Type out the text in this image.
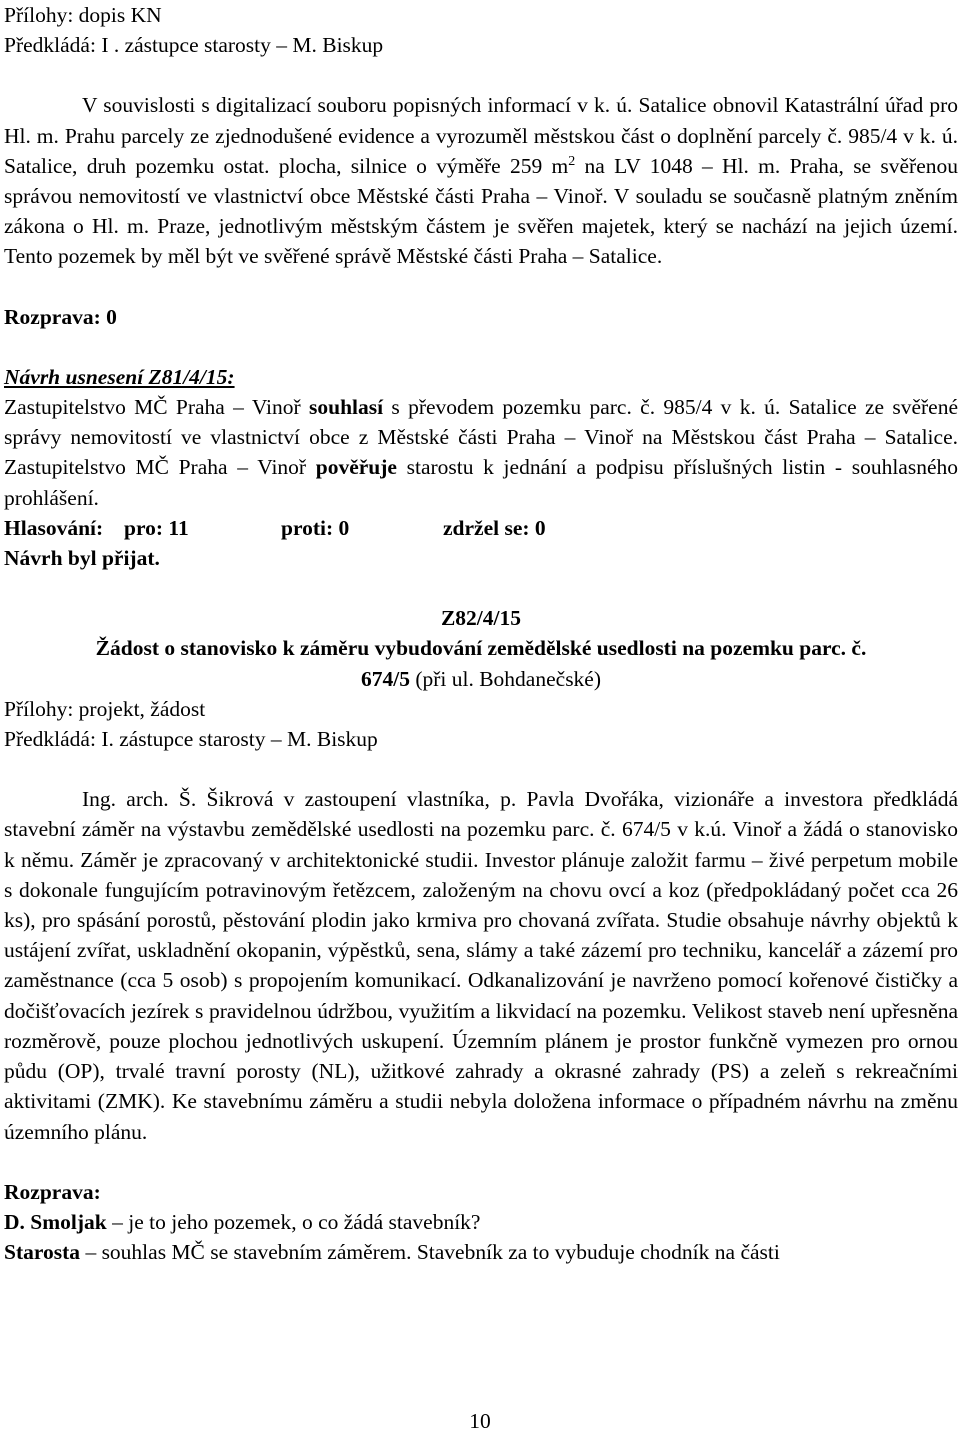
Přílohy: dopis KN

Předkládá: I . zástupce starosty – M. Biskup

V souvislosti s digitalizací souboru popisných informací v k. ú. Satalice obnovil Katastrální úřad pro Hl. m. Prahu parcely ze zjednodušené evidence a vyrozuměl městskou část o doplnění parcely č. 985/4 v k. ú. Satalice, druh pozemku ostat. plocha, silnice o výměře 259 $m^2$ na LV 1048 – Hl. m. Praha, se svěřenou správou nemovitostí ve vlastnictví obce Městské části Praha – Vinoř. V souladu se současně platným zněním zákona o Hl. m. Praze, jednotlivým městským částem je svěřen majetek, který se nachází na jejich území. Tento pozemek by měl být ve svěřené správě Městské části Praha – Satalice.

Rozprava: 0

Návrh usnesení Z81/4/15:

Zastupitelstvo MČ Praha – Vinoř souhlasí s převodem pozemku parc. č. 985/4 v k. ú. Satalice ze svěřené správy nemovitostí ve vlastnictví obce z Městské části Praha – Vinoř na Městskou část Praha – Satalice. Zastupitelstvo MČ Praha – Vinoř pověřuje starostu k jednání a podpisu příslušných listin - souhlasného prohlášení.

Hlasování: pro: 11	proti: 0	zdržel se: 0

Návrh byl přijat.

Z82/4/15

Žádost o stanovisko k záměru vybudování zemědělské usedlosti na pozemku parc. č.

674/5 (při ul. Bohdanečské)

Přílohy: projekt, žádost

Předkládá: I. zástupce starosty – M. Biskup

Ing. arch. Š. Šikrová v zastoupení vlastníka, p. Pavla Dvořáka, vizionáře a investora předkládá stavební záměr na výstavbu zemědělské usedlosti na pozemku parc. č. 674/5 v k.ú. Vinoř a žádá o stanovisko k němu. Záměr je zpracovaný v architektonické studii. Investor plánuje založit farmu – živé perpetum mobile s dokonale fungujícím potravinovým řetězcem, založeným na chovu ovcí a koz (předpokládaný počet cca 26 ks), pro spásání porostů, pěstování plodin jako krmiva pro chovaná zvířata. Studie obsahuje návrhy objektů k ustájení zvířat, uskladnění okopanin, výpěstků, sena, slámy a také zázemí pro techniku, kancelář a zázemí pro zaměstnance (cca 5 osob) s propojením komunikací. Odkanalizování je navrženo pomocí kořenové čističky a dočišťovacích jezírek s pravidelnou údržbou, využitím a likvidací na pozemku. Velikost staveb není upřesněna rozměrově, pouze plochou jednotlivých uskupení. Územním plánem je prostor funkčně vymezen pro ornou půdu (OP), trvalé travní porosty (NL), užitkové zahrady a okrasné zahrady (PS) a zeleň s rekreačními aktivitami (ZMK). Ke stavebnímu záměru a studii nebyla doložena informace o případném návrhu na změnu územního plánu.

Rozprava:

D. Smoljak – je to jeho pozemek, o co žádá stavebník?

Starosta – souhlas MČ se stavebním záměrem. Stavebník za to vybuduje chodník na části

10
